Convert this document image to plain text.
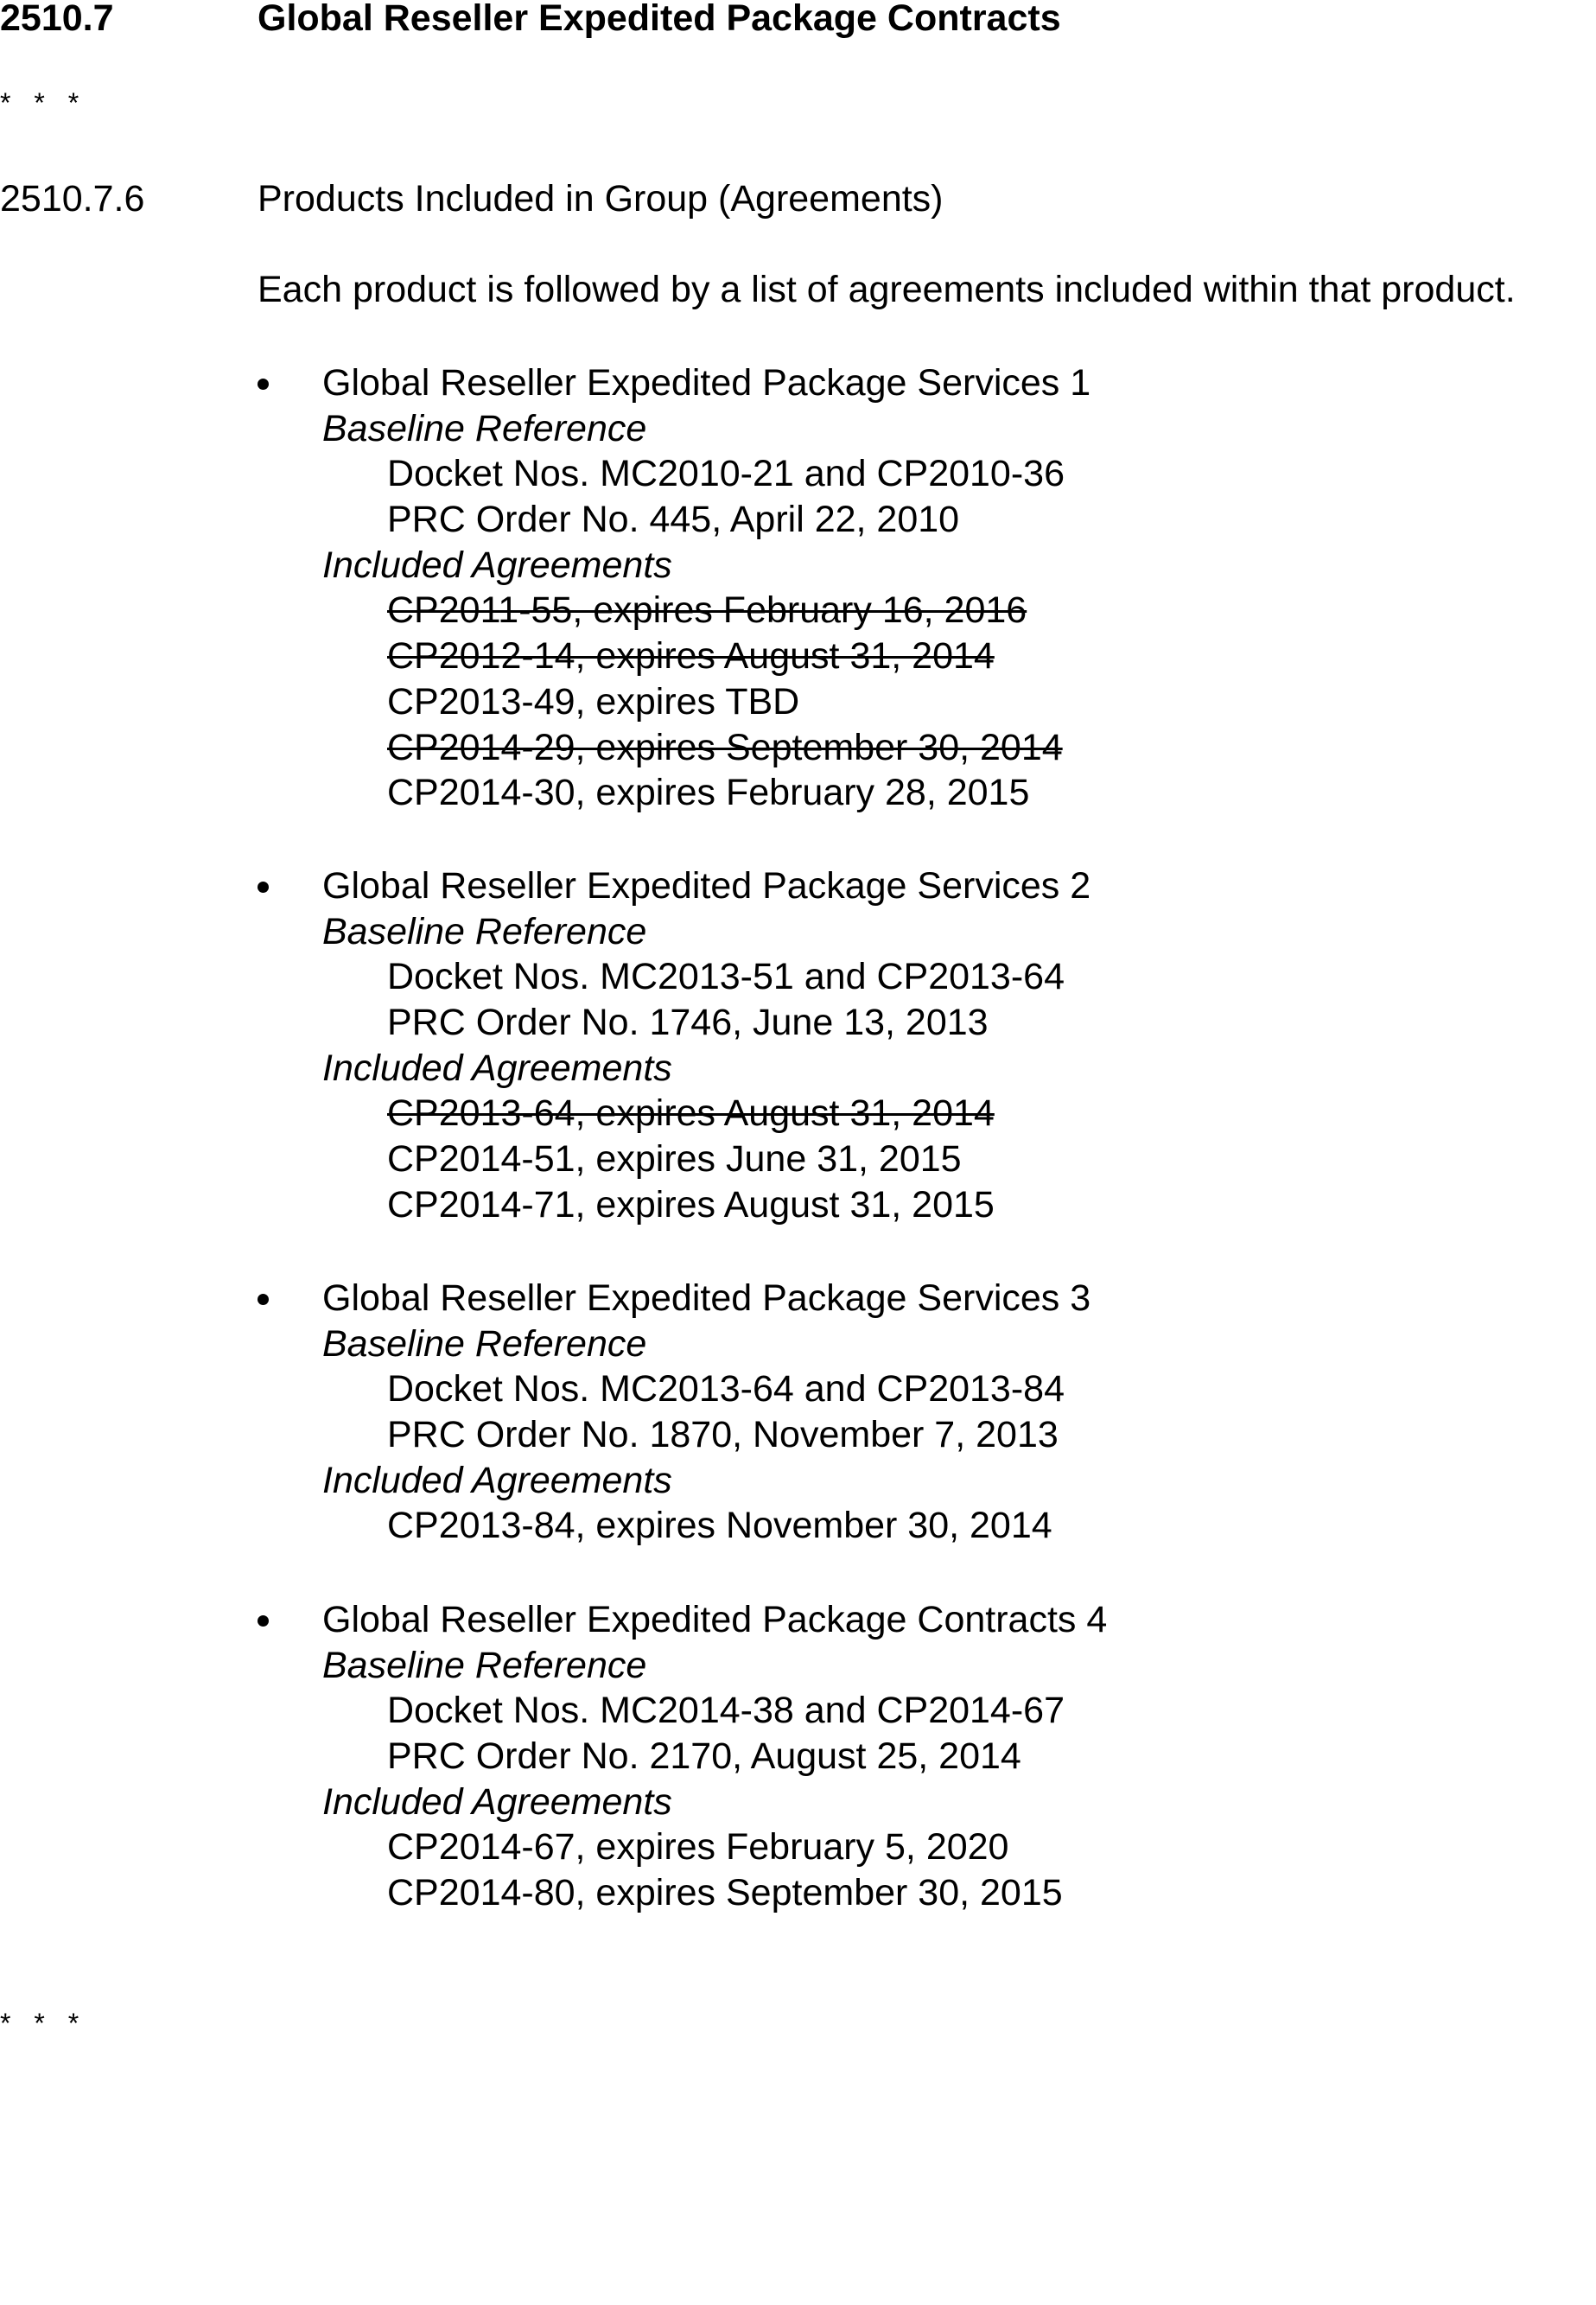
2510.7	Global Reseller Expedited Package Contracts
* * *
2510.7.6	Products Included in Group (Agreements)
Each product is followed by a list of agreements included within that product.
Global Reseller Expedited Package Services 1
Baseline Reference
Docket Nos. MC2010-21 and CP2010-36
PRC Order No. 445, April 22, 2010
Included Agreements
CP2011-55, expires February 16, 2016
CP2012-14, expires August 31, 2014
CP2013-49, expires TBD
CP2014-29, expires September 30, 2014
CP2014-30, expires February 28, 2015
Global Reseller Expedited Package Services 2
Baseline Reference
Docket Nos. MC2013-51 and CP2013-64
PRC Order No. 1746, June 13, 2013
Included Agreements
CP2013-64, expires August 31, 2014
CP2014-51, expires June 31, 2015
CP2014-71, expires August 31, 2015
Global Reseller Expedited Package Services 3
Baseline Reference
Docket Nos. MC2013-64 and CP2013-84
PRC Order No. 1870, November 7, 2013
Included Agreements
CP2013-84, expires November 30, 2014
Global Reseller Expedited Package Contracts 4
Baseline Reference
Docket Nos. MC2014-38 and CP2014-67
PRC Order No. 2170, August 25, 2014
Included Agreements
CP2014-67, expires February 5, 2020
CP2014-80, expires September 30, 2015
* * *
